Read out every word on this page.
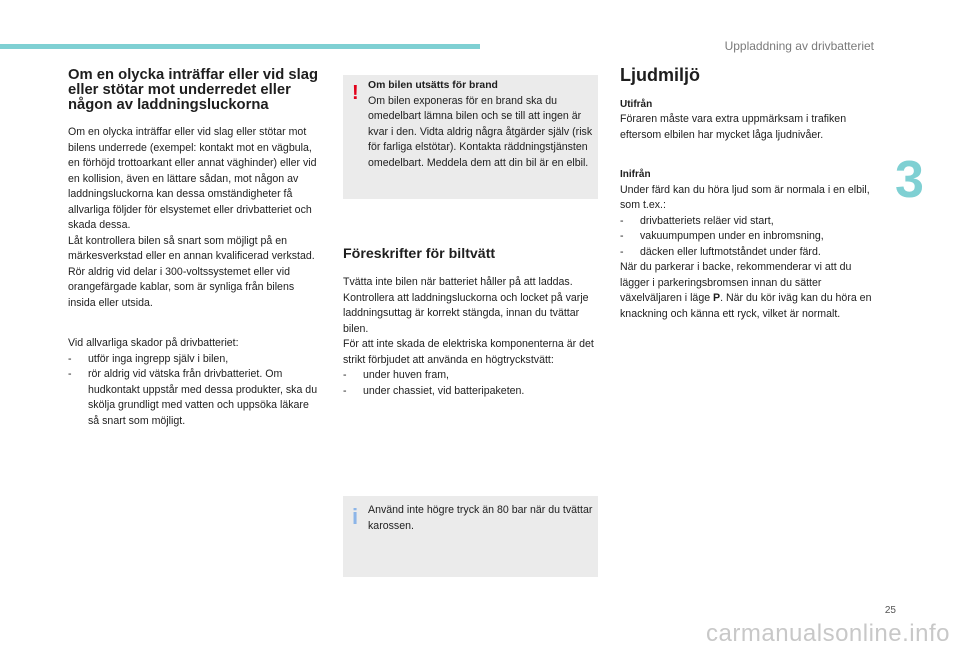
Uppladdning av drivbatteriet
3
Om en olycka inträffar eller vid slag eller stötar mot underredet eller någon av laddningsluckorna

Om en olycka inträffar eller vid slag eller stötar mot bilens underrede (exempel: kontakt mot en vägbula, en förhöjd trottoarkant eller annat väghinder) eller vid en kollision, även en lättare sådan, mot någon av laddningsluckorna kan dessa omständigheter få allvarliga följder för elsystemet eller drivbatteriet och skada dessa.

Låt kontrollera bilen så snart som möjligt på en märkesverkstad eller en annan kvalificerad verkstad.

Rör aldrig vid delar i 300-voltssystemet eller vid orangefärgade kablar, som är synliga från bilens insida eller utsida.

Vid allvarliga skador på drivbatteriet:

- utför inga ingrepp själv i bilen,
- rör aldrig vid vätska från drivbatteriet. Om hudkontakt uppstår med dessa produkter, ska du skölja grundligt med vatten och uppsöka läkare så snart som möjligt.
! Om bilen utsätts för brand
Om bilen exponeras för en brand ska du omedelbart lämna bilen och se till att ingen är kvar i den. Vidta aldrig några åtgärder själv (risk för farliga elstötar). Kontakta räddningstjänsten omedelbart. Meddela dem att din bil är en elbil.
Föreskrifter för biltvätt

Tvätta inte bilen när batteriet håller på att laddas.

Kontrollera att laddningsluckorna och locket på varje laddningsuttag är korrekt stängda, innan du tvättar bilen.

För att inte skada de elektriska komponenterna är det strikt förbjudet att använda en högtryckstvätt:

- under huven fram,
- under chassiet, vid batteripaketen.
i Använd inte högre tryck än 80 bar när du tvättar karossen.
Ljudmiljö
Utifrån

Föraren måste vara extra uppmärksam i trafiken eftersom elbilen har mycket låga ljudnivåer.

Inifrån

Under färd kan du höra ljud som är normala i en elbil, som t.ex.:

- drivbatteriets reläer vid start,
- vakuumpumpen under en inbromsning,
- däcken eller luftmotståndet under färd.

När du parkerar i backe, rekommenderar vi att du lägger i parkeringsbromsen innan du sätter växelväljaren i läge P. När du kör iväg kan du höra en knackning och känna ett ryck, vilket är normalt.

25
carmanualsonline.info
